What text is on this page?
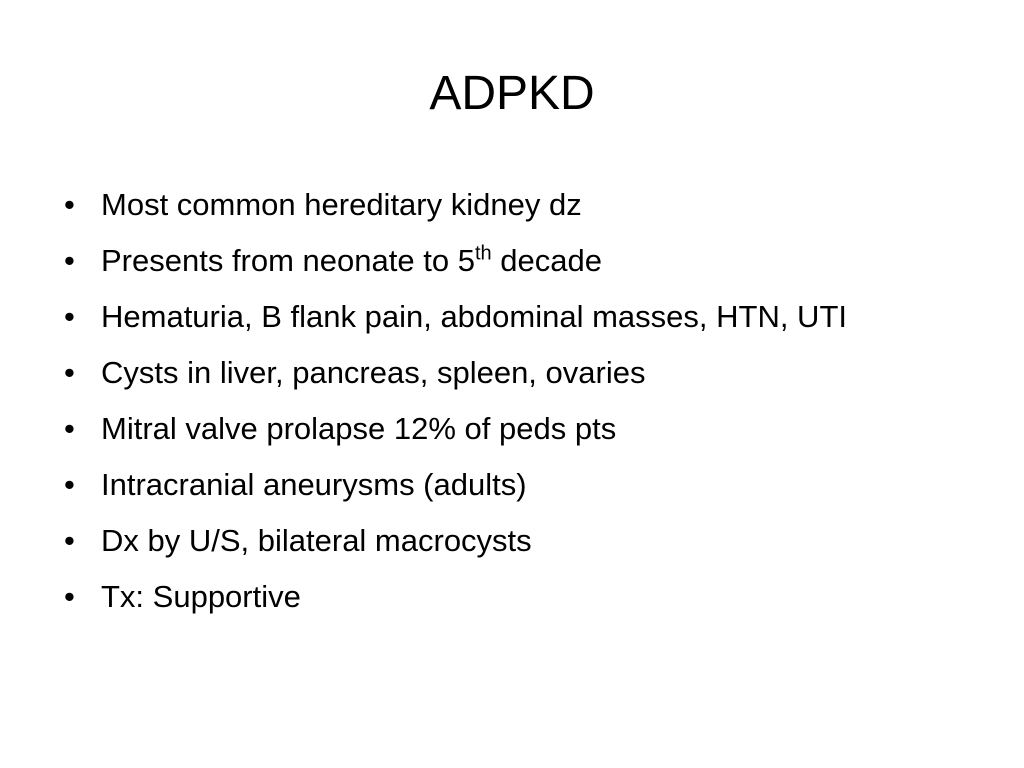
ADPKD
• Most common hereditary kidney dz
• Presents from neonate to 5th decade
• Hematuria, B flank pain, abdominal masses, HTN, UTI
• Cysts in liver, pancreas, spleen, ovaries
• Mitral valve prolapse 12% of peds pts
• Intracranial aneurysms (adults)
• Dx by U/S, bilateral macrocysts
• Tx: Supportive
